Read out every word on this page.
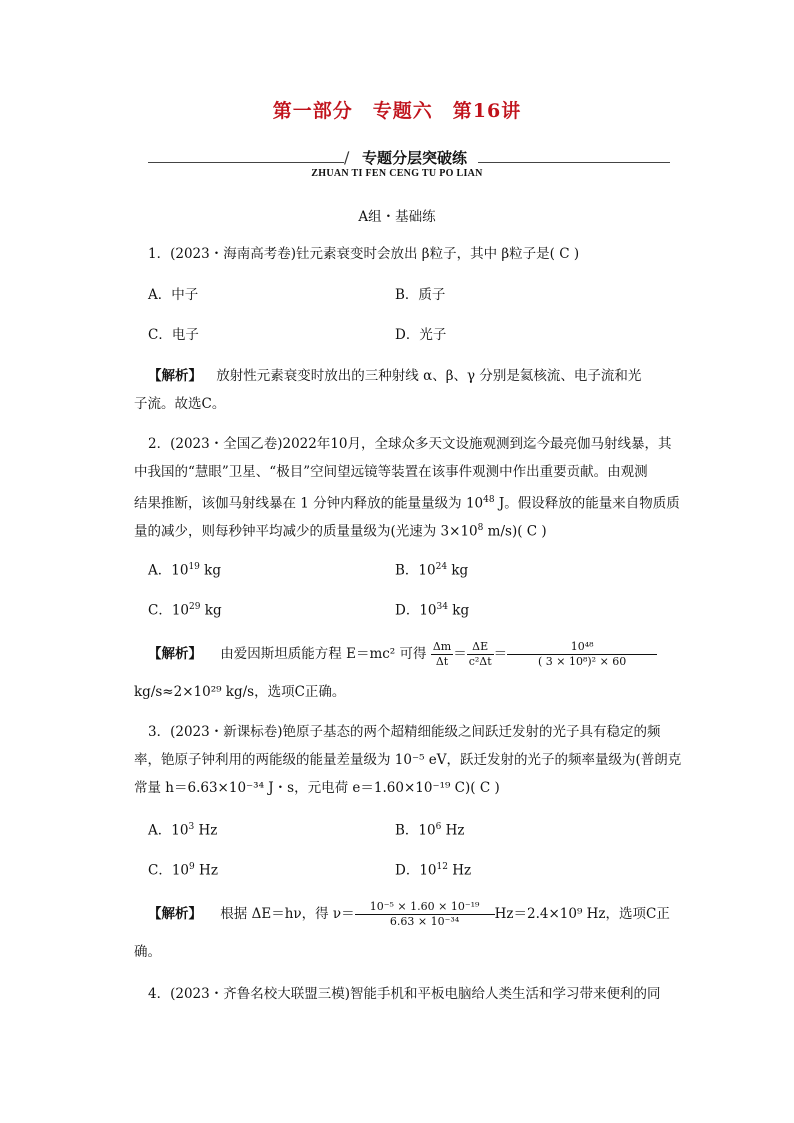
第一部分　专题六　第16讲
∕ 专题分层突破练
ZHUAN TI FEN CENG TU PO LIAN
A组・基础练
1．(2023・海南高考卷)钍元素衰变时会放出 β粒子，其中 β粒子是( C )
A．中子	B．质子
C．电子	D．光子
【解析】 放射性元素衰变时放出的三种射线 α、β、γ 分别是氦核流、电子流和光
子流。故选C。
2．(2023・全国乙卷)2022年10月，全球众多天文设施观测到迄今最亮伽马射线暴，其
中我国的“慧眼”卫星、“极目”空间望远镜等装置在该事件观测中作出重要贡献。由观测
结果推断，该伽马射线暴在 1 分钟内释放的能量量级为 $10^{48}$ J。假设释放的能量来自物质质
量的减少，则每秒钟平均减少的质量量级为(光速为 $3\times 10^8$ m/s)( C )
A．$10^{19}$ kg	B．$10^{24}$ kg
C．$10^{29}$ kg	D．$10^{34}$ kg
【解析】 由爱因斯坦质能方程 E＝mc² 可得 $\frac{\Delta m}{\Delta t} = \frac{\Delta E}{\text{c²Δt}} = \frac{\text{10⁴⁸}}{\text{( 3 × 10⁸)² × 60}}$
kg/s≈2×10²⁹ kg/s，选项C正确。
3．(2023・新课标卷)铯原子基态的两个超精细能级之间跃迁发射的光子具有稳定的频
率，铯原子钟利用的两能级的能量差量级为 10⁻⁵ eV，跃迁发射的光子的频率量级为(普朗克
常量 h＝6.63×10⁻³⁴ J・s，元电荷 e＝1.60×10⁻¹⁹ C)( C )
A．$10^3$ Hz	B．$10^6$ Hz
C．$10^9$ Hz	D．$10^{12}$ Hz
【解析】 根据 ΔE＝hν，得 $\nu= \frac{\text{10⁻⁵ × 1.60 × 10⁻¹⁹}}{\text{6.63 × 10⁻³⁴}} Hz=2.4\times 10^9$ Hz，选项C正
确。
4．(2023・齐鲁名校大联盟三模)智能手机和平板电脑给人类生活和学习带来便利的同
